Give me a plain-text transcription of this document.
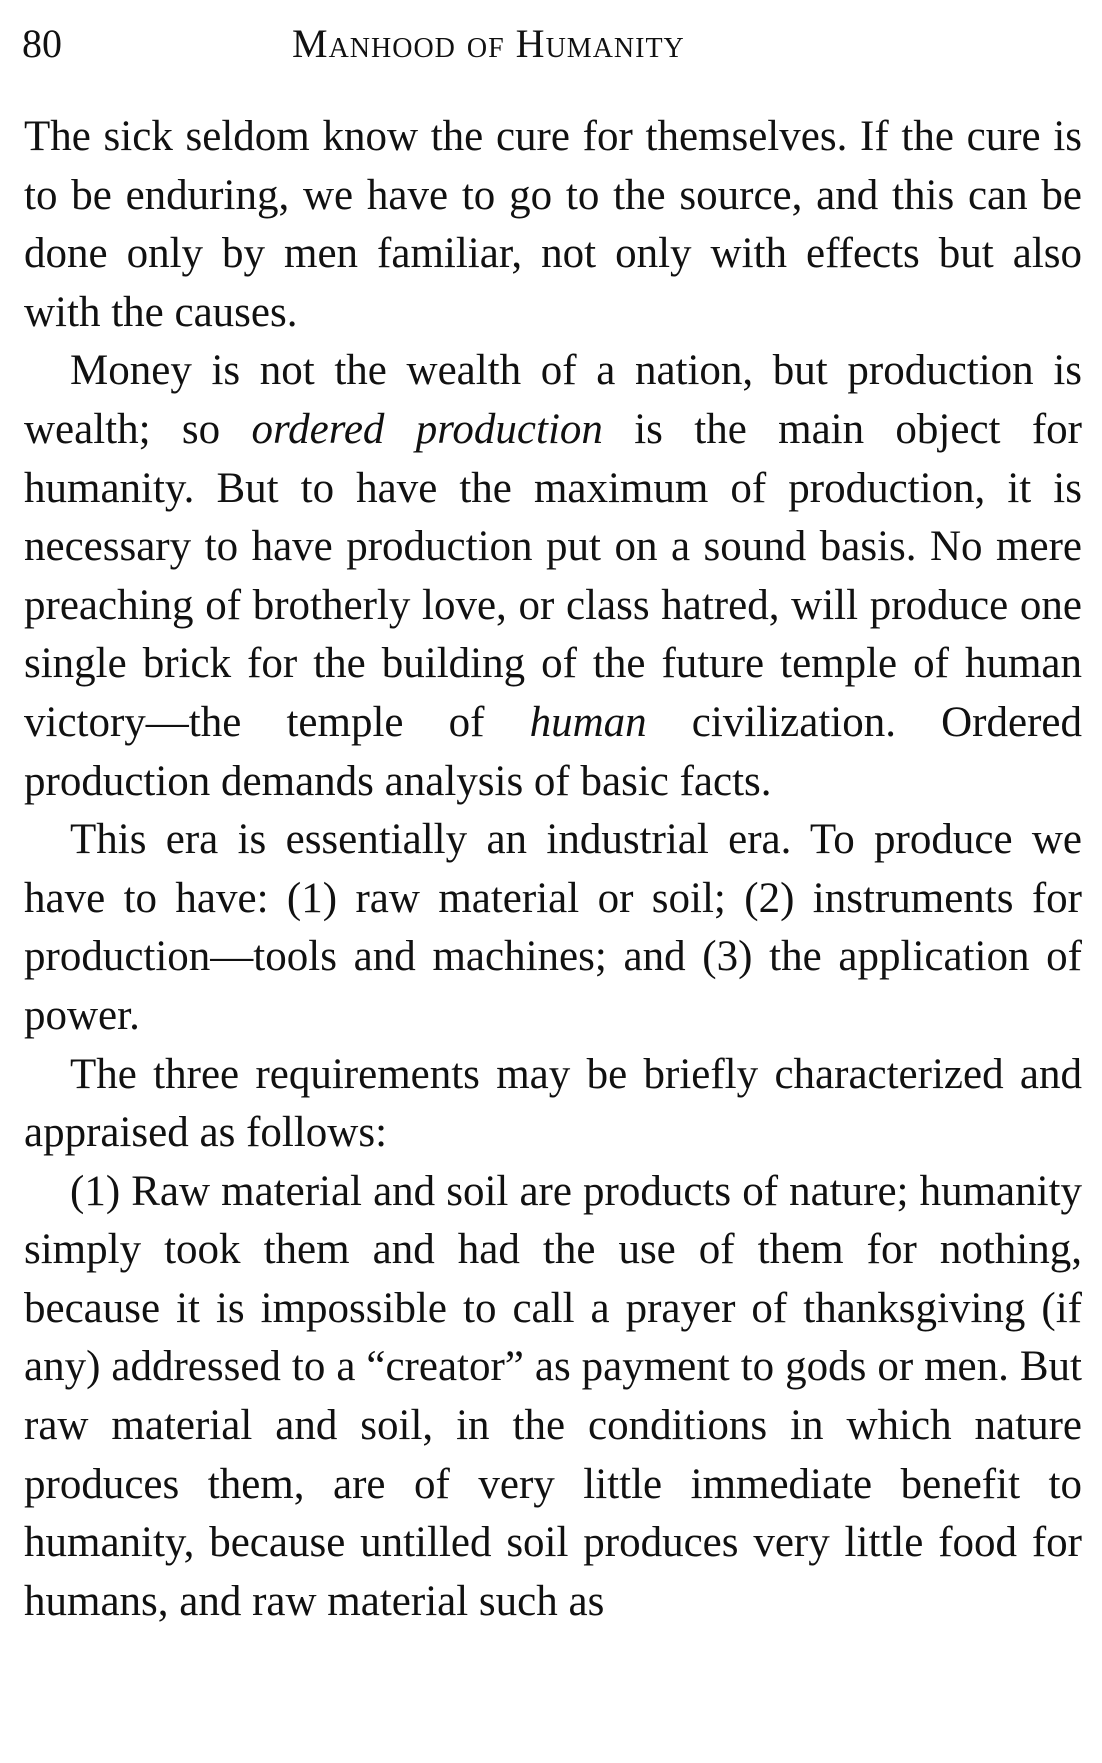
80	Manhood of Humanity

The sick seldom know the cure for themselves. If the cure is to be enduring, we have to go to the source, and this can be done only by men familiar, not only with effects but also with the causes.

Money is not the wealth of a nation, but production is wealth; so ordered production is the main object for humanity. But to have the maximum of production, it is necessary to have production put on a sound basis. No mere preaching of brotherly love, or class hatred, will produce one single brick for the building of the future temple of human victory—the temple of human civilization. Ordered production demands analysis of basic facts.

This era is essentially an industrial era. To produce we have to have: (1) raw material or soil; (2) instruments for production—tools and machines; and (3) the application of power.

The three requirements may be briefly characterized and appraised as follows:

(1) Raw material and soil are products of nature; humanity simply took them and had the use of them for nothing, because it is impossible to call a prayer of thanksgiving (if any) addressed to a “creator” as payment to gods or men. But raw material and soil, in the conditions in which nature produces them, are of very little immediate benefit to humanity, because untilled soil produces very little food for humans, and raw material such as
